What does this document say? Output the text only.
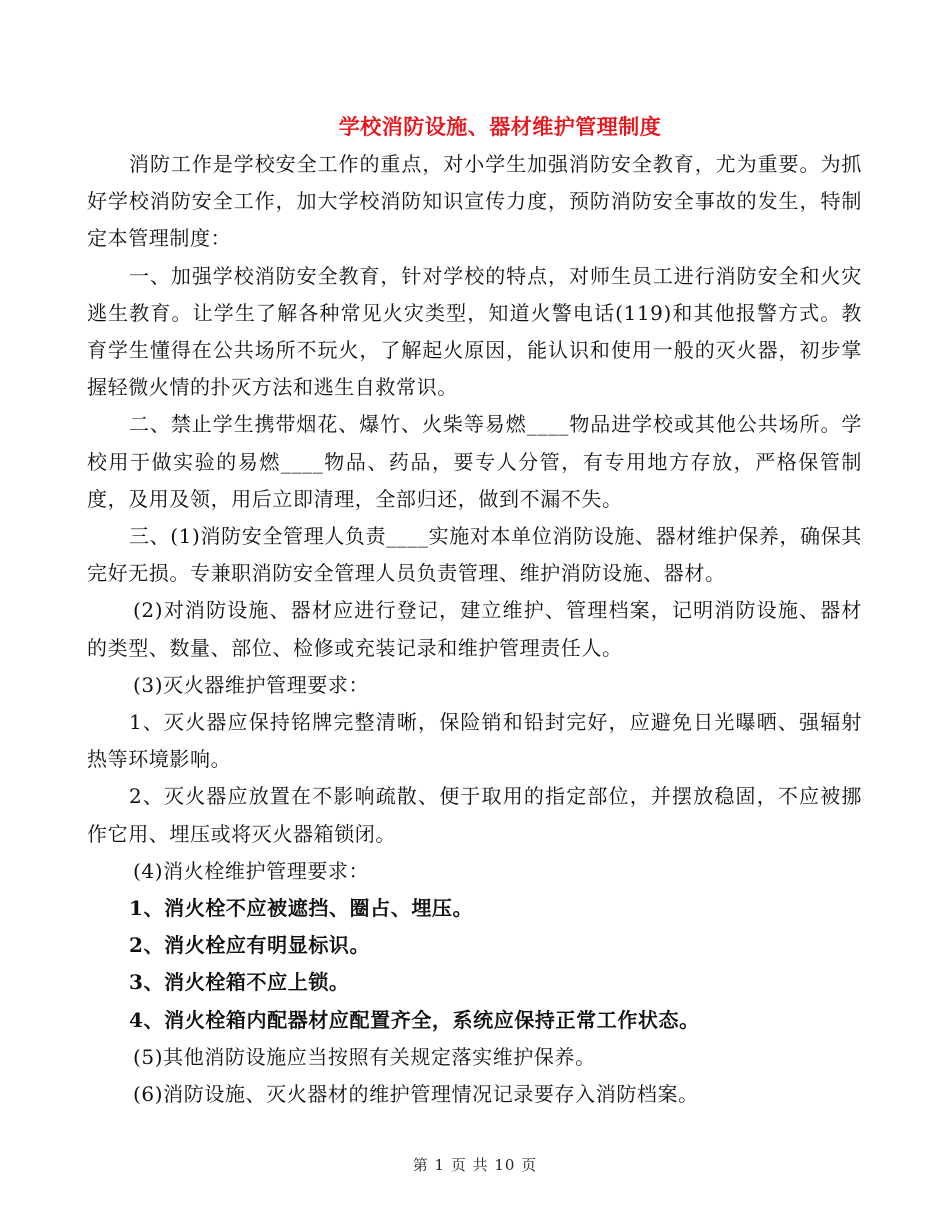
学校消防设施、器材维护管理制度

消防工作是学校安全工作的重点，对小学生加强消防安全教育，尤为重要。为抓好学校消防安全工作，加大学校消防知识宣传力度，预防消防安全事故的发生，特制定本管理制度：

一、加强学校消防安全教育，针对学校的特点，对师生员工进行消防安全和火灾逃生教育。让学生了解各种常见火灾类型，知道火警电话(119)和其他报警方式。教育学生懂得在公共场所不玩火，了解起火原因，能认识和使用一般的灭火器，初步掌握轻微火情的扑灭方法和逃生自救常识。

二、禁止学生携带烟花、爆竹、火柴等易燃____物品进学校或其他公共场所。学校用于做实验的易燃____物品、药品，要专人分管，有专用地方存放，严格保管制度，及用及领，用后立即清理，全部归还，做到不漏不失。

三、(1)消防安全管理人负责____实施对本单位消防设施、器材维护保养，确保其完好无损。专兼职消防安全管理人员负责管理、维护消防设施、器材。

(2)对消防设施、器材应进行登记，建立维护、管理档案，记明消防设施、器材的类型、数量、部位、检修或充装记录和维护管理责任人。

(3)灭火器维护管理要求：

1、灭火器应保持铭牌完整清晰，保险销和铅封完好，应避免日光曝晒、强辐射热等环境影响。

2、灭火器应放置在不影响疏散、便于取用的指定部位，并摆放稳固，不应被挪作它用、埋压或将灭火器箱锁闭。

(4)消火栓维护管理要求：

1、消火栓不应被遮挡、圈占、埋压。

2、消火栓应有明显标识。

3、消火栓箱不应上锁。

4、消火栓箱内配器材应配置齐全，系统应保持正常工作状态。

(5)其他消防设施应当按照有关规定落实维护保养。

(6)消防设施、灭火器材的维护管理情况记录要存入消防档案。

第 1 页 共 10 页
